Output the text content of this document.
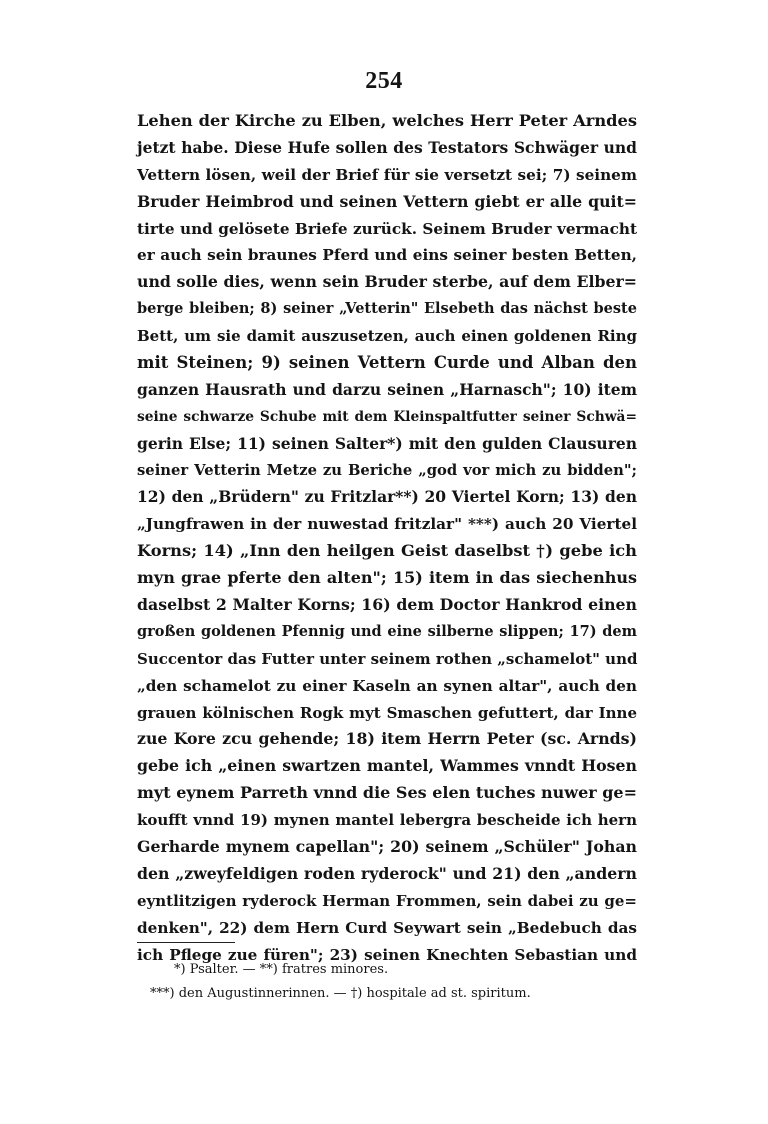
254
Lehen der Kirche zu Elben, welches Herr Peter Arndes
jetzt habe. Diese Hufe sollen des Testators Schwäger und
Vettern lösen, weil der Brief für sie versetzt sei; 7) seinem
Bruder Heimbrod und seinen Vettern giebt er alle quit=
tirte und gelösete Briefe zurück. Seinem Bruder vermacht
er auch sein braunes Pferd und eins seiner besten Betten,
und solle dies, wenn sein Bruder sterbe, auf dem Elber=
berge bleiben; 8) seiner „Vetterin" Elsebeth das nächst beste
Bett, um sie damit auszusetzen, auch einen goldenen Ring
mit Steinen; 9) seinen Vettern Curde und Alban den
ganzen Hausrath und darzu seinen „Harnasch"; 10) item
seine schwarze Schube mit dem Kleinspaltfutter seiner Schwä=
gerin Else; 11) seinen Salter*) mit den gulden Clausuren
seiner Vetterin Metze zu Beriche „god vor mich zu bidden";
12) den „Brüdern" zu Fritzlar**) 20 Viertel Korn; 13) den
„Jungfrawen in der nuwestad fritzlar" ***) auch 20 Viertel
Korns; 14) „Inn den heilgen Geist daselbst †) gebe ich
myn grae pferte den alten"; 15) item in das siechenhus
daselbst 2 Malter Korns; 16) dem Doctor Hankrod einen
großen goldenen Pfennig und eine silberne slippen; 17) dem
Succentor das Futter unter seinem rothen „schamelot" und
„den schamelot zu einer Kaseln an synen altar", auch den
grauen kölnischen Rogk myt Smaschen gefuttert, dar Inne
zue Kore zcu gehende; 18) item Herrn Peter (sc. Arnds)
gebe ich „einen swartzen mantel, Wammes vnndt Hosen
myt eynem Parreth vnnd die Ses elen tuches nuwer ge=
koufft vnnd 19) mynen mantel lebergra bescheide ich hern
Gerharde mynem capellan"; 20) seinem „Schüler" Johan
den „zweyfeldigen roden ryderock" und 21) den „andern
eyntlitzigen ryderock Herman Frommen, sein dabei zu ge=
denken", 22) dem Hern Curd Seywart sein „Bedebuch das
ich Pflege zue füren"; 23) seinen Knechten Sebastian und
*) Psalter. — **) fratres minores.
***) den Augustinnerinnen. — †) hospitale ad st. spiritum.
